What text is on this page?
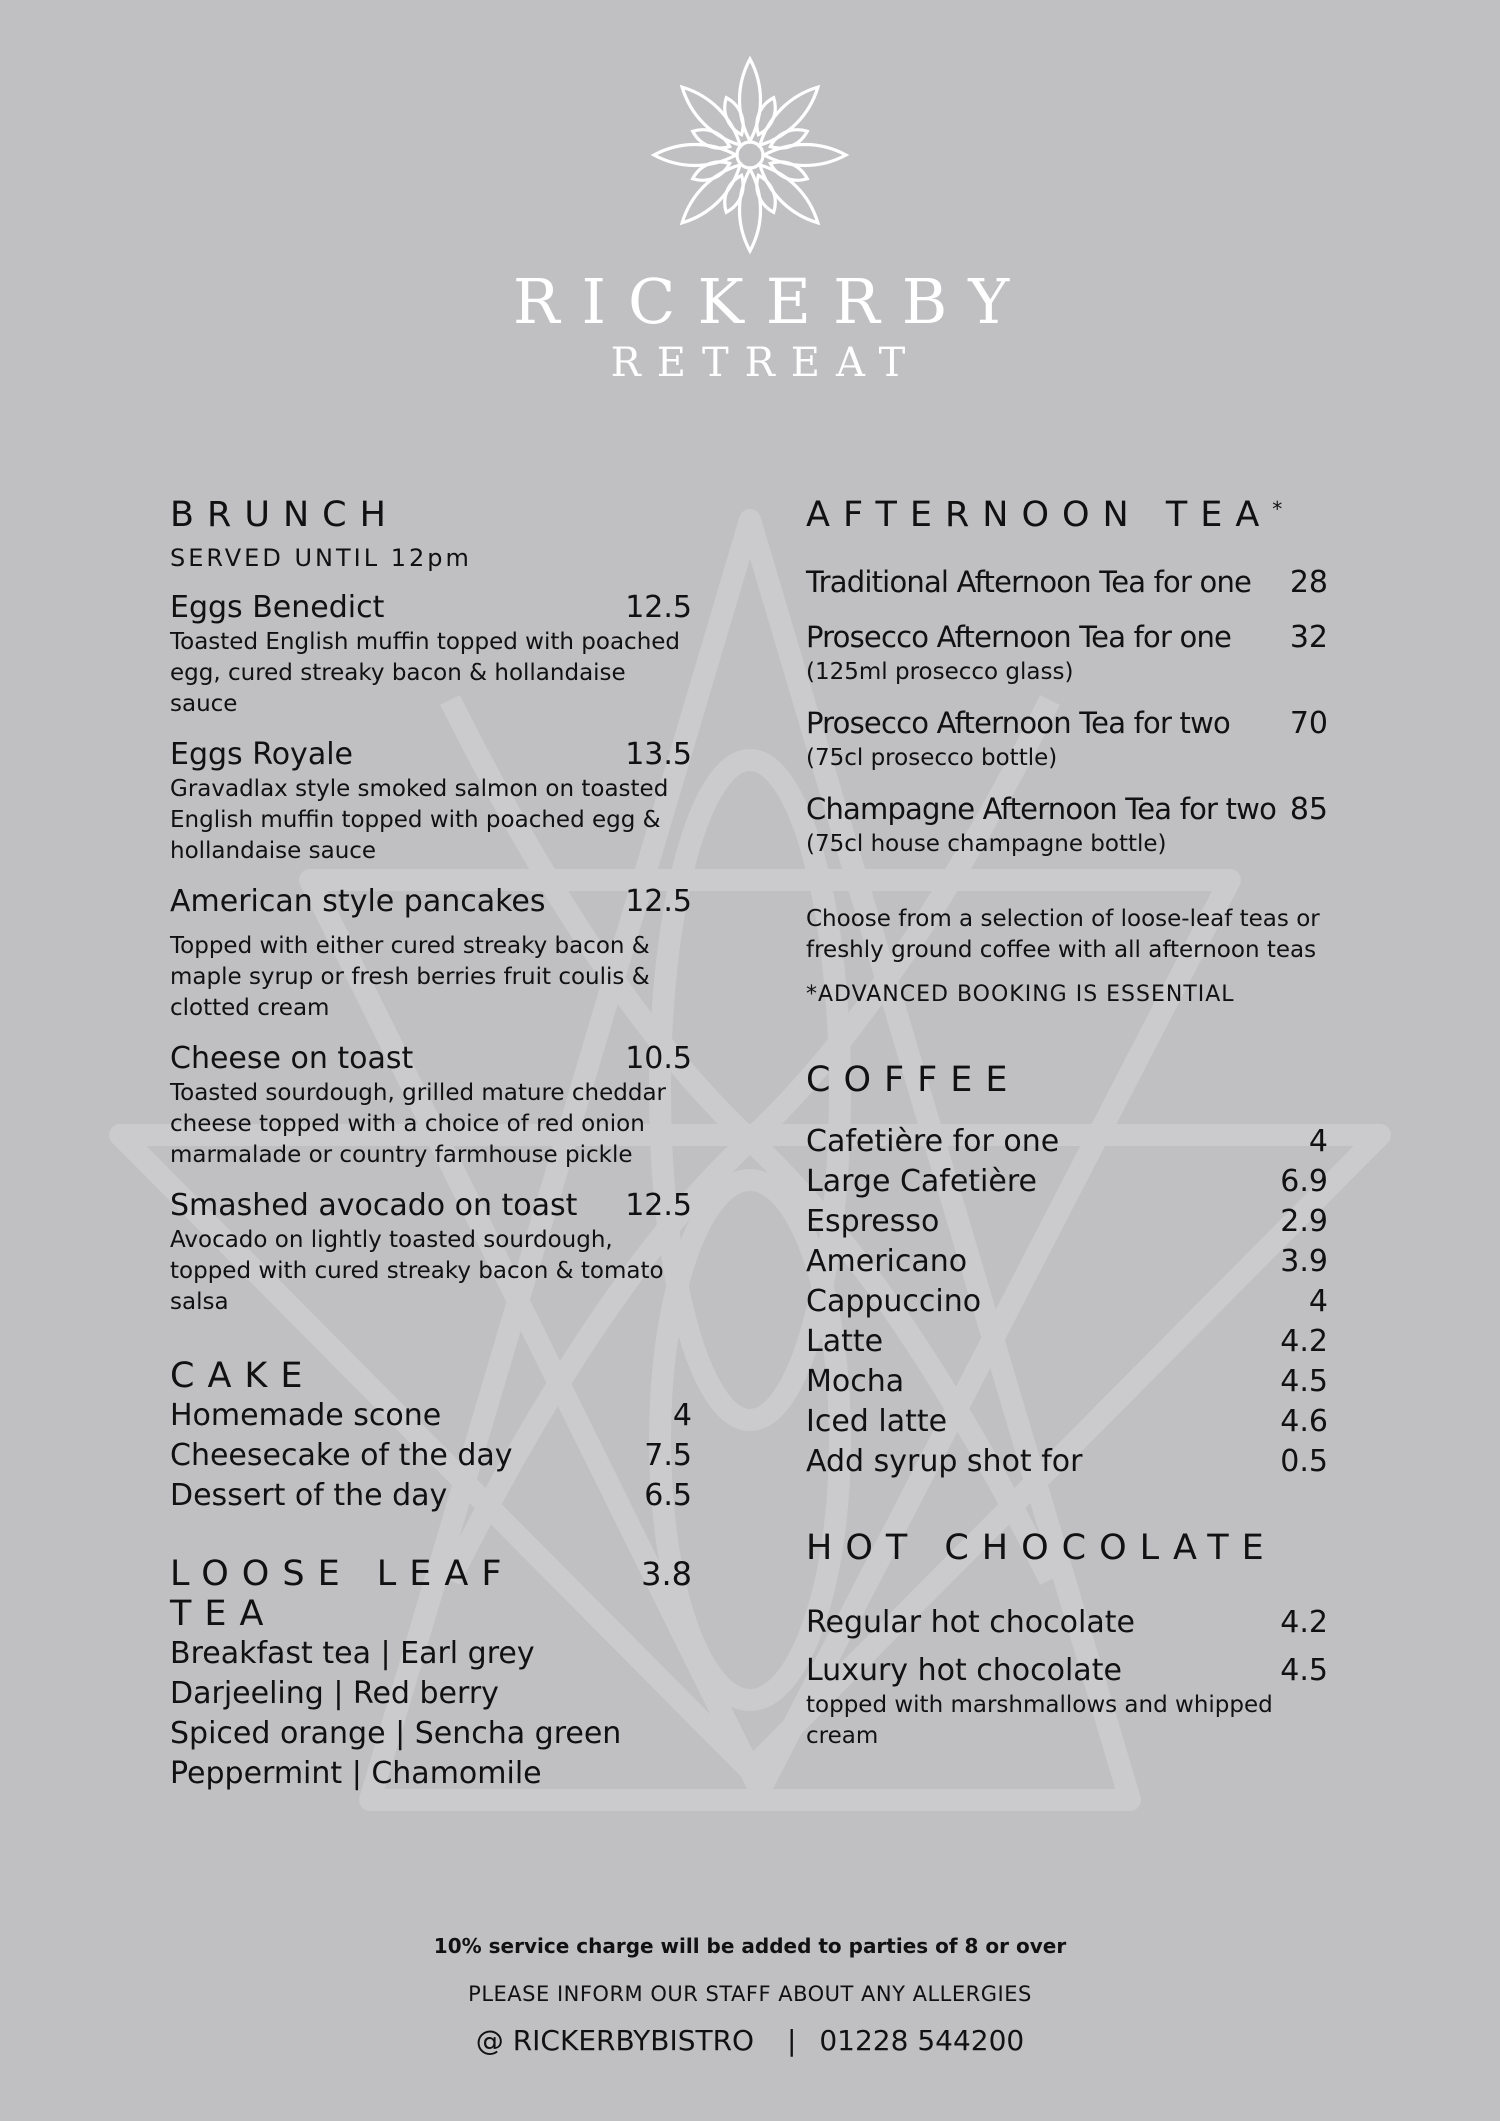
RICKERBY
RETREAT
BRUNCH
SERVED UNTIL 12pm
Eggs Benedict	12.5
Toasted English muffin topped with poached egg, cured streaky bacon & hollandaise sauce
Eggs Royale	13.5
Gravadlax style smoked salmon on toasted English muffin topped with poached egg & hollandaise sauce
American style pancakes	12.5
Topped with either cured streaky bacon & maple syrup or fresh berries fruit coulis & clotted cream
Cheese on toast	10.5
Toasted sourdough, grilled mature cheddar cheese topped with a choice of red onion marmalade or country farmhouse pickle
Smashed avocado on toast 12.5
Avocado on lightly toasted sourdough, topped with cured streaky bacon & tomato salsa
CAKE
Homemade scone	4
Cheesecake of the day	7.5
Dessert of the day	6.5
LOOSE LEAF TEA
3.8
Breakfast tea | Earl grey
Darjeeling | Red berry
Spiced orange | Sencha green
Peppermint | Chamomile
AFTERNOON TEA*
Traditional Afternoon Tea for one 28
Prosecco Afternoon Tea for one 32
(125ml prosecco glass)
Prosecco Afternoon Tea for two 70
(75cl prosecco bottle)
Champagne Afternoon Tea for two 85
(75cl house champagne bottle)
Choose from a selection of loose-leaf teas or freshly ground coffee with all afternoon teas
*ADVANCED BOOKING IS ESSENTIAL
COFFEE
Cafetière for one	4
Large Cafetière	6.9
Espresso	2.9
Americano	3.9
Cappuccino	4
Latte	4.2
Mocha	4.5
Iced latte	4.6
Add syrup shot for	0.5
HOT CHOCOLATE
Regular hot chocolate	4.2
Luxury hot chocolate	4.5
topped with marshmallows and whipped cream
10% service charge will be added to parties of 8 or over
PLEASE INFORM OUR STAFF ABOUT ANY ALLERGIES
@ RICKERBYBISTRO | 01228 544200
